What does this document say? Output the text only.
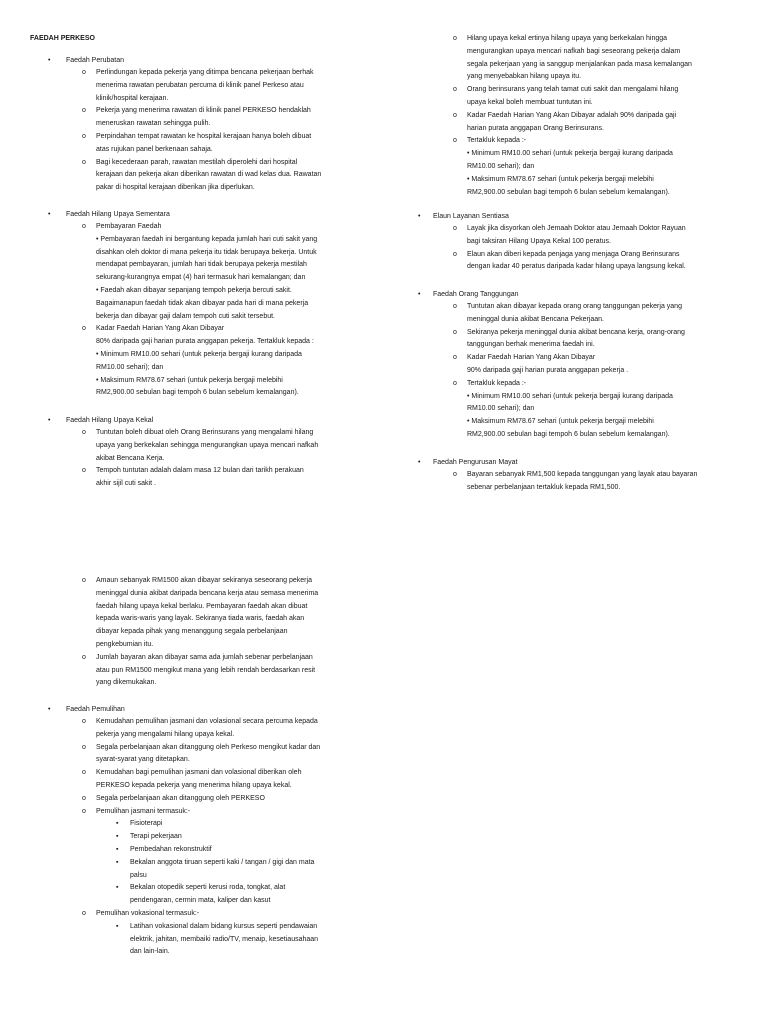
FAEDAH PERKESO
• Faedah Perubatan
o Perlindungan kepada pekerja yang ditimpa bencana pekerjaan berhak
menerima rawatan perubatan percuma di klinik panel Perkeso atau
klinik/hospital kerajaan.
o Pekerja yang menerima rawatan di klinik panel PERKESO hendaklah
meneruskan rawatan sehingga pulih.
o Perpindahan tempat rawatan ke hospital kerajaan hanya boleh dibuat
atas rujukan panel berkenaan sahaja.
o Bagi kecederaan parah, rawatan mestilah diperolehi dari hospital
kerajaan dan pekerja akan diberikan rawatan di wad kelas dua. Rawatan
pakar di hospital kerajaan diberikan jika diperlukan.
• Faedah Hilang Upaya Sementara
o Pembayaran Faedah
• Pembayaran faedah ini bergantung kepada jumlah hari cuti sakit yang
disahkan oleh doktor di mana pekerja itu tidak berupaya bekerja. Untuk
mendapat pembayaran, jumlah hari tidak berupaya pekerja mestilah
sekurang-kurangnya empat (4) hari termasuk hari kemalangan; dan
• Faedah akan dibayar sepanjang tempoh pekerja bercuti sakit.
Bagaimanapun faedah tidak akan dibayar pada hari di mana pekerja
bekerja dan dibayar gaji dalam tempoh cuti sakit tersebut.
o Kadar Faedah Harian Yang Akan Dibayar
80% daripada gaji harian purata anggapan pekerja. Tertakluk kepada :
• Minimum RM10.00 sehari (untuk pekerja bergaji kurang daripada
RM10.00 sehari); dan
• Maksimum RM78.67 sehari (untuk pekerja bergaji melebihi
RM2,900.00 sebulan bagi tempoh 6 bulan sebelum kemalangan).
• Faedah Hilang Upaya Kekal
o Tuntutan boleh dibuat oleh Orang Berinsurans yang mengalami hilang
upaya yang berkekalan sehingga mengurangkan upaya mencari nafkah
akibat Bencana Kerja.
o Tempoh tuntutan adalah dalam masa 12 bulan dari tarikh perakuan
akhir sijil cuti sakit .
o Amaun sebanyak RM1500 akan dibayar sekiranya seseorang pekerja
meninggal dunia akibat daripada bencana kerja atau semasa menerima
faedah hilang upaya kekal berlaku. Pembayaran faedah akan dibuat
kepada waris-waris yang layak. Sekiranya tiada waris, faedah akan
dibayar kepada pihak yang menanggung segala perbelanjaan
pengkebumian itu.
o Jumlah bayaran akan dibayar sama ada jumlah sebenar perbelanjaan
atau pun RM1500 mengikut mana yang lebih rendah berdasarkan resit
yang dikemukakan.
• Faedah Pemulihan
o Kemudahan pemulihan jasmani dan volasional secara percuma kepada
pekerja yang mengalami hilang upaya kekal.
o Segala perbelanjaan akan ditanggung oleh Perkeso mengikut kadar dan
syarat-syarat yang ditetapkan.
o Kemudahan bagi pemulihan jasmani dan volasional diberikan oleh
PERKESO kepada pekerja yang menerima hilang upaya kekal.
o Segala perbelanjaan akan ditanggung oleh PERKESO
o Pemulihan jasmani termasuk:-
▪ Fisioterapi
▪ Terapi pekerjaan
▪ Pembedahan rekonstruktif
▪ Bekalan anggota tiruan seperti kaki / tangan / gigi dan mata
palsu
▪ Bekalan otopedik seperti kerusi roda, tongkat, alat
pendengaran, cermin mata, kaliper dan kasut
o Pemulihan vokasional termasuk:-
▪ Latihan vokasional dalam bidang kursus seperti pendawaian
elektrik, jahitan, membaiki radio/TV, menaip, kesetiausahaan
dan lain-lain.
o Hilang upaya kekal ertinya hilang upaya yang berkekalan hingga
mengurangkan upaya mencari nafkah bagi seseorang pekerja dalam
segala pekerjaan yang ia sanggup menjalankan pada masa kemalangan
yang menyebabkan hilang upaya itu.
o Orang berinsurans yang telah tamat cuti sakit dan mengalami hilang
upaya kekal boleh membuat tuntutan ini.
o Kadar Faedah Harian Yang Akan Dibayar adalah 90% daripada gaji
harian purata anggapan Orang Berinsurans.
o Tertakluk kepada :-
• Minimum RM10.00 sehari (untuk pekerja bergaji kurang daripada
RM10.00 sehari); dan
• Maksimum RM78.67 sehari (untuk pekerja bergaji melebihi
RM2,900.00 sebulan bagi tempoh 6 bulan sebelum kemalangan).
• Elaun Layanan Sentiasa
o Layak jika disyorkan oleh Jemaah Doktor atau Jemaah Doktor Rayuan
bagi taksiran Hilang Upaya Kekal 100 peratus.
o Elaun akan diberi kepada penjaga yang menjaga Orang Berinsurans
dengan kadar 40 peratus daripada kadar hilang upaya langsung kekal.
• Faedah Orang Tanggungan
o Tuntutan akan dibayar kepada orang orang tanggungan pekerja yang
meninggal dunia akibat Bencana Pekerjaan.
o Sekiranya pekerja meninggal dunia akibat bencana kerja, orang-orang
tanggungan berhak menerima faedah ini.
o Kadar Faedah Harian Yang Akan Dibayar
90% daripada gaji harian purata anggapan pekerja .
o Tertakluk kepada :-
• Minimum RM10.00 sehari (untuk pekerja bergaji kurang daripada
RM10.00 sehari); dan
• Maksimum RM78.67 sehari (untuk pekerja bergaji melebihi
RM2,900.00 sebulan bagi tempoh 6 bulan sebelum kemalangan).
• Faedah Pengurusan Mayat
o Bayaran sebanyak RM1,500 kepada tanggungan yang layak atau bayaran
sebenar perbelanjaan tertakluk kepada RM1,500.
